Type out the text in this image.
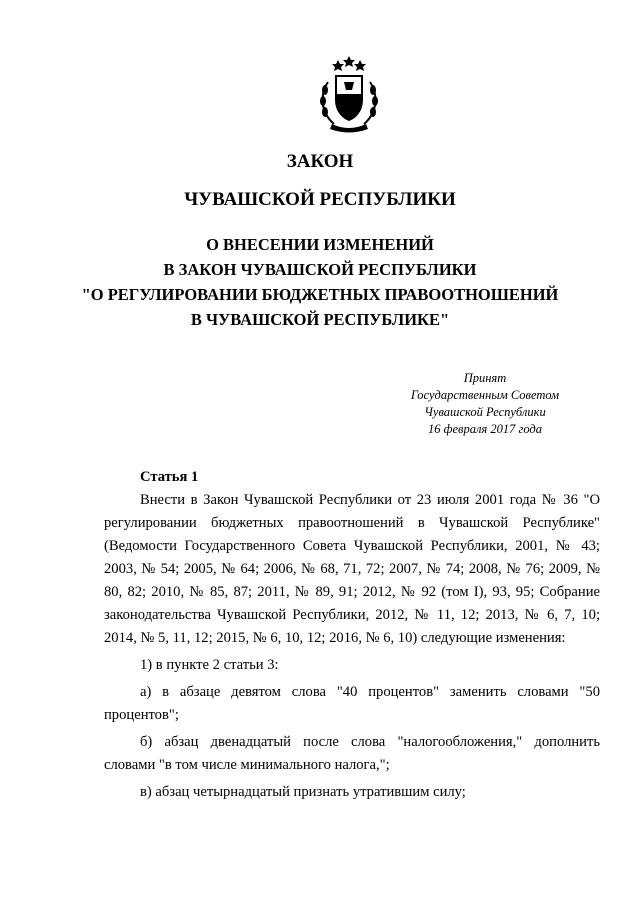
ЗАКОН
ЧУВАШСКОЙ РЕСПУБЛИКИ
О ВНЕСЕНИИ ИЗМЕНЕНИЙ
В ЗАКОН ЧУВАШСКОЙ РЕСПУБЛИКИ
"О РЕГУЛИРОВАНИИ БЮДЖЕТНЫХ ПРАВООТНОШЕНИЙ
В ЧУВАШСКОЙ РЕСПУБЛИКЕ"
Принят
Государственным Советом
Чувашской Республики
16 февраля 2017 года

Статья 1

Внести в Закон Чувашской Республики от 23 июля 2001 года № 36 "О регулировании бюджетных правоотношений в Чувашской Республике" (Ведомости Государственного Совета Чувашской Республики, 2001, № 43; 2003, № 54; 2005, № 64; 2006, № 68, 71, 72; 2007, № 74; 2008, № 76; 2009, № 80, 82; 2010, № 85, 87; 2011, № 89, 91; 2012, № 92 (том I), 93, 95; Собрание законодательства Чувашской Республики, 2012, № 11, 12; 2013, № 6, 7, 10; 2014, № 5, 11, 12; 2015, № 6, 10, 12; 2016, № 6, 10) следующие изменения:

1) в пункте 2 статьи 3:

а) в абзаце девятом слова "40 процентов" заменить словами "50 процентов";

б) абзац двенадцатый после слова "налогообложения," дополнить словами "в том числе минимального налога,";

в) абзац четырнадцатый признать утратившим силу;
